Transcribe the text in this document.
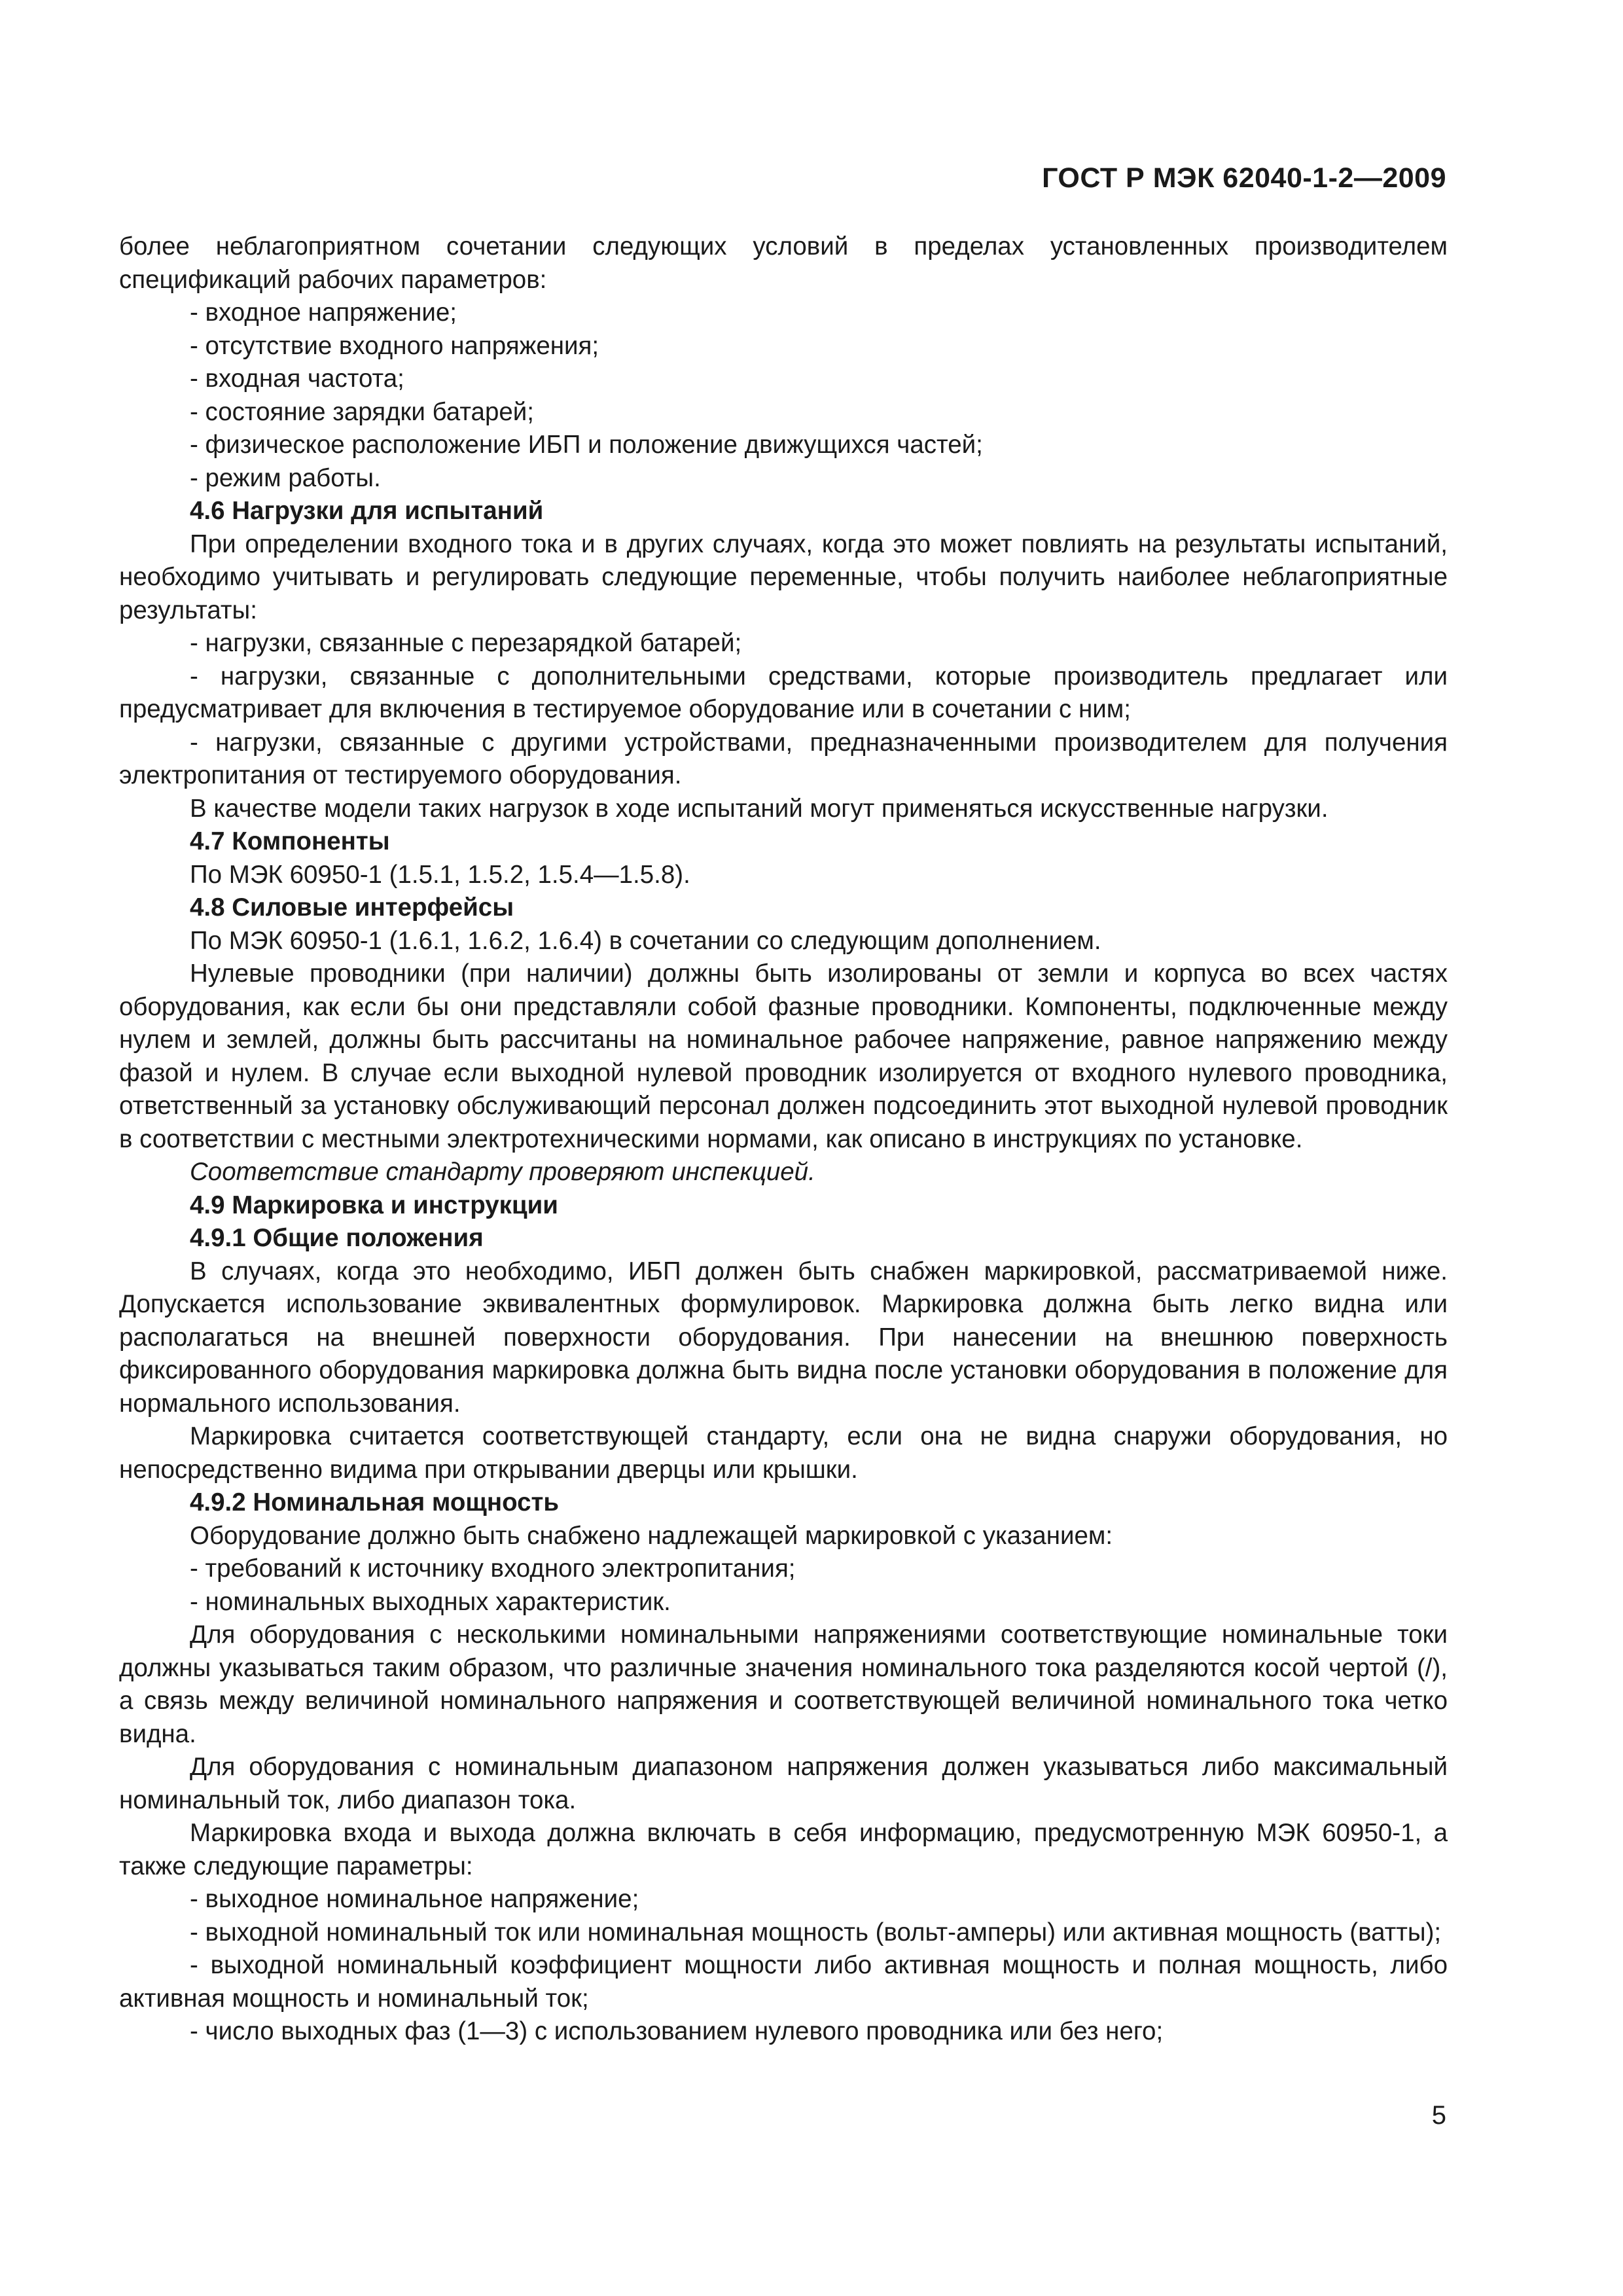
ГОСТ Р МЭК 62040-1-2—2009

более неблагоприятном сочетании следующих условий в пределах установленных производителем спецификаций рабочих параметров:

- входное напряжение;

- отсутствие входного напряжения;

- входная частота;

- состояние зарядки батарей;

- физическое расположение ИБП и положение движущихся частей;

- режим работы.

4.6 Нагрузки для испытаний

При определении входного тока и в других случаях, когда это может повлиять на результаты испытаний, необходимо учитывать и регулировать следующие переменные, чтобы получить наиболее неблагоприятные результаты:

- нагрузки, связанные с перезарядкой батарей;

- нагрузки, связанные с дополнительными средствами, которые производитель предлагает или предусматривает для включения в тестируемое оборудование или в сочетании с ним;

- нагрузки, связанные с другими устройствами, предназначенными производителем для получения электропитания от тестируемого оборудования.

В качестве модели таких нагрузок в ходе испытаний могут применяться искусственные нагрузки.

4.7 Компоненты

По МЭК 60950-1 (1.5.1, 1.5.2, 1.5.4—1.5.8).

4.8 Силовые интерфейсы

По МЭК 60950-1 (1.6.1, 1.6.2, 1.6.4) в сочетании со следующим дополнением.

Нулевые проводники (при наличии) должны быть изолированы от земли и корпуса во всех частях оборудования, как если бы они представляли собой фазные проводники. Компоненты, подключенные между нулем и землей, должны быть рассчитаны на номинальное рабочее напряжение, равное напряжению между фазой и нулем. В случае если выходной нулевой проводник изолируется от входного нулевого проводника, ответственный за установку обслуживающий персонал должен подсоединить этот выходной нулевой проводник в соответствии с местными электротехническими нормами, как описано в инструкциях по установке.

Соответствие стандарту проверяют инспекцией.

4.9 Маркировка и инструкции

4.9.1 Общие положения

В случаях, когда это необходимо, ИБП должен быть снабжен маркировкой, рассматриваемой ниже. Допускается использование эквивалентных формулировок. Маркировка должна быть легко видна или располагаться на внешней поверхности оборудования. При нанесении на внешнюю поверхность фиксированного оборудования маркировка должна быть видна после установки оборудования в положение для нормального использования.

Маркировка считается соответствующей стандарту, если она не видна снаружи оборудования, но непосредственно видима при открывании дверцы или крышки.

4.9.2 Номинальная мощность

Оборудование должно быть снабжено надлежащей маркировкой с указанием:

- требований к источнику входного электропитания;

- номинальных выходных характеристик.

Для оборудования с несколькими номинальными напряжениями соответствующие номинальные токи должны указываться таким образом, что различные значения номинального тока разделяются косой чертой (/), а связь между величиной номинального напряжения и соответствующей величиной номинального тока четко видна.

Для оборудования с номинальным диапазоном напряжения должен указываться либо максимальный номинальный ток, либо диапазон тока.

Маркировка входа и выхода должна включать в себя информацию, предусмотренную МЭК 60950-1, а также следующие параметры:

- выходное номинальное напряжение;

- выходной номинальный ток или номинальная мощность (вольт-амперы) или активная мощность (ватты);

- выходной номинальный коэффициент мощности либо активная мощность и полная мощность, либо активная мощность и номинальный ток;

- число выходных фаз (1—3) с использованием нулевого проводника или без него;

5
